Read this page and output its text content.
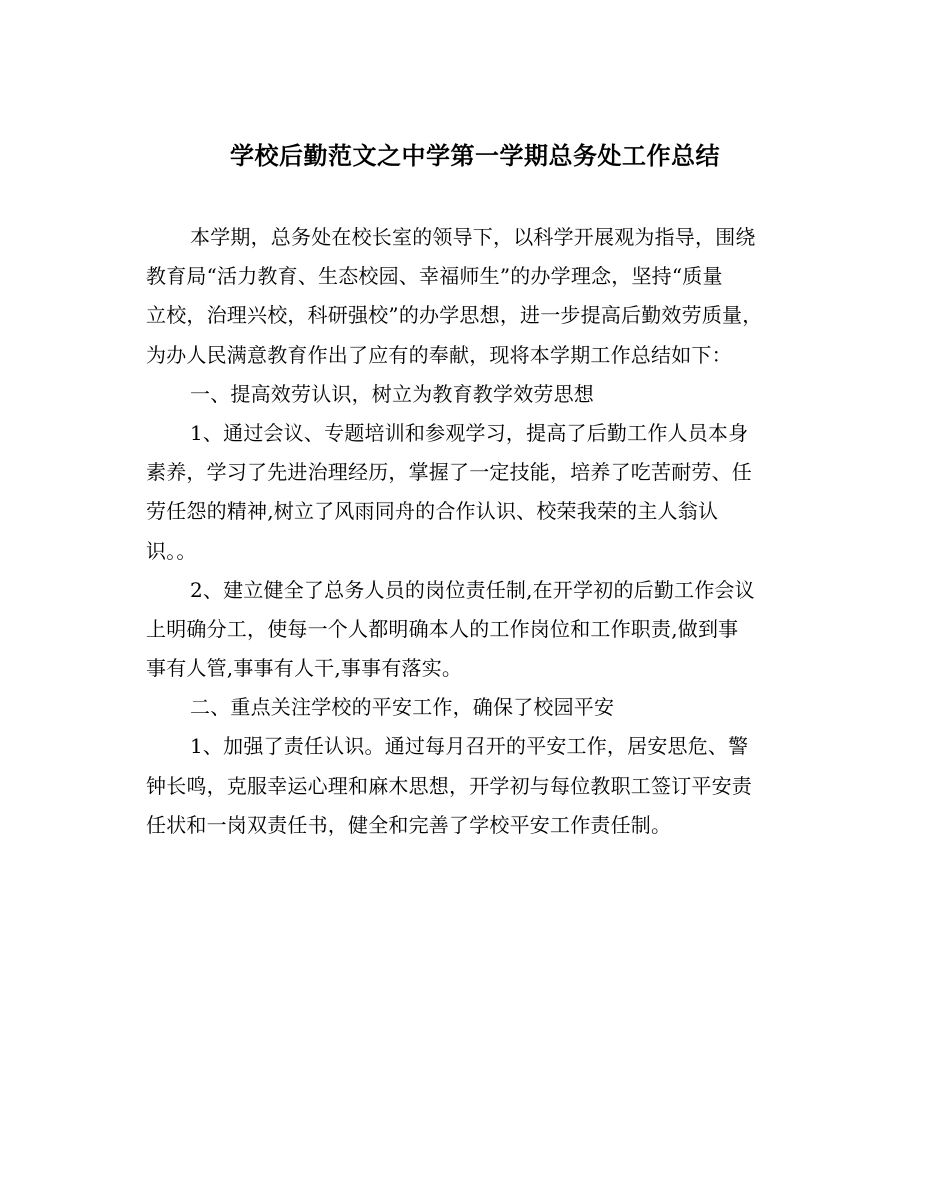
学校后勤范文之中学第一学期总务处工作总结
本学期，总务处在校长室的领导下，以科学开展观为指导，围绕
教育局“活力教育、生态校园、幸福师生”的办学理念，坚持“质量
立校，治理兴校，科研强校”的办学思想，进一步提高后勤效劳质量，
为办人民满意教育作出了应有的奉献，现将本学期工作总结如下：
一、提高效劳认识，树立为教育教学效劳思想
1、通过会议、专题培训和参观学习，提高了后勤工作人员本身
素养，学习了先进治理经历，掌握了一定技能，培养了吃苦耐劳、任
劳任怨的精神,树立了风雨同舟的合作认识、校荣我荣的主人翁认
识。。
2、建立健全了总务人员的岗位责任制,在开学初的后勤工作会议
上明确分工，使每一个人都明确本人的工作岗位和工作职责,做到事
事有人管,事事有人干,事事有落实。
二、重点关注学校的平安工作，确保了校园平安
1、加强了责任认识。通过每月召开的平安工作，居安思危、警
钟长鸣，克服幸运心理和麻木思想，开学初与每位教职工签订平安责
任状和一岗双责任书，健全和完善了学校平安工作责任制。
